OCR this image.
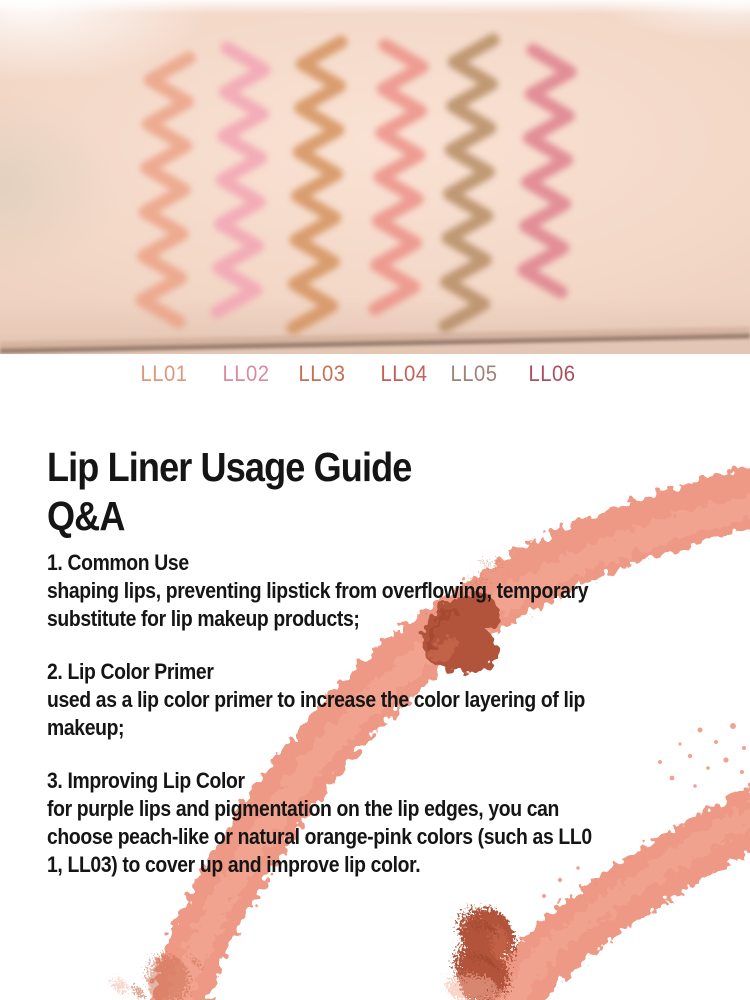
LL01 LL02 LL03 LL04 LL05 LL06
Lip Liner Usage Guide
Q&A
1. Common Use
shaping lips, preventing lipstick from overflowing, temporary
substitute for lip makeup products;
2. Lip Color Primer
used as a lip color primer to increase the color layering of lip
makeup;
3. Improving Lip Color
for purple lips and pigmentation on the lip edges, you can
choose peach-like or natural orange-pink colors (such as LL0
1, LL03) to cover up and improve lip color.
